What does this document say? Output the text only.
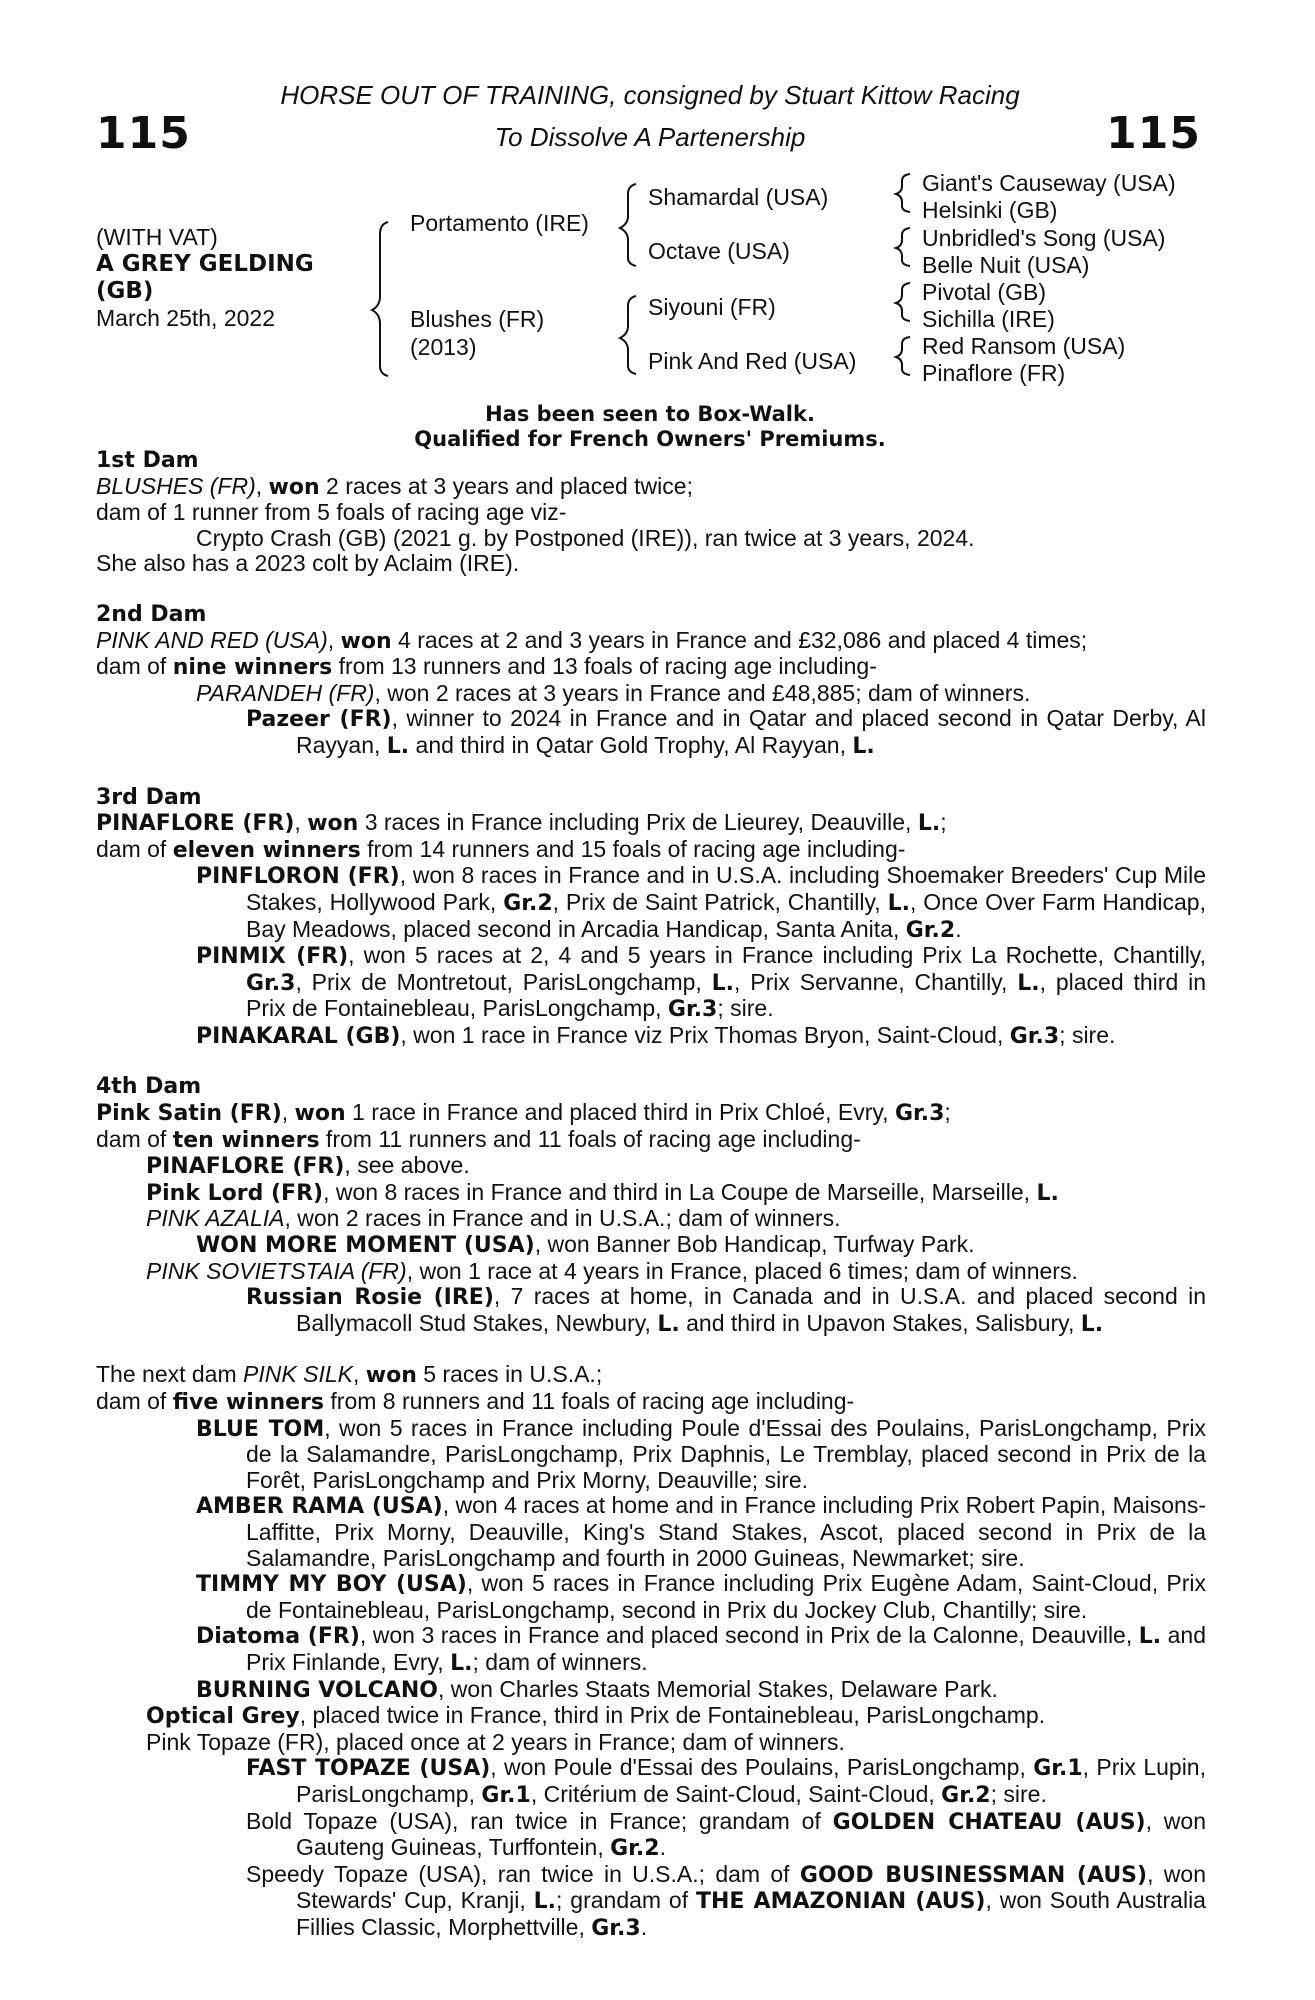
115	115
HORSE OUT OF TRAINING, consigned by Stuart Kittow Racing
To Dissolve A Partenership
(WITH VAT)
A GREY GELDING
(GB)
March 25th, 2022
Portamento (IRE)
Blushes (FR)
(2013)
Shamardal (USA)
Octave (USA)
Siyouni (FR)
Pink And Red (USA)
Giant's Causeway (USA)
Helsinki (GB)
Unbridled's Song (USA)
Belle Nuit (USA)
Pivotal (GB)
Sichilla (IRE)
Red Ransom (USA)
Pinaflore (FR)
Has been seen to Box-Walk.
Qualified for French Owners' Premiums.

1st Dam

BLUSHES (FR), won 2 races at 3 years and placed twice;

dam of 1 runner from 5 foals of racing age viz-

Crypto Crash (GB) (2021 g. by Postponed (IRE)), ran twice at 3 years, 2024.

She also has a 2023 colt by Aclaim (IRE).

2nd Dam

PINK AND RED (USA), won 4 races at 2 and 3 years in France and £32,086 and placed 4 times;

dam of nine winners from 13 runners and 13 foals of racing age including-

PARANDEH (FR), won 2 races at 3 years in France and £48,885; dam of winners.

Pazeer (FR), winner to 2024 in France and in Qatar and placed second in Qatar Derby, Al Rayyan, L. and third in Qatar Gold Trophy, Al Rayyan, L.

3rd Dam

PINAFLORE (FR), won 3 races in France including Prix de Lieurey, Deauville, L.;

dam of eleven winners from 14 runners and 15 foals of racing age including-

PINFLORON (FR), won 8 races in France and in U.S.A. including Shoemaker Breeders' Cup Mile Stakes, Hollywood Park, Gr.2, Prix de Saint Patrick, Chantilly, L., Once Over Farm Handicap, Bay Meadows, placed second in Arcadia Handicap, Santa Anita, Gr.2.

PINMIX (FR), won 5 races at 2, 4 and 5 years in France including Prix La Rochette, Chantilly, Gr.3, Prix de Montretout, ParisLongchamp, L., Prix Servanne, Chantilly, L., placed third in Prix de Fontainebleau, ParisLongchamp, Gr.3; sire.

PINAKARAL (GB), won 1 race in France viz Prix Thomas Bryon, Saint-Cloud, Gr.3; sire.

4th Dam

Pink Satin (FR), won 1 race in France and placed third in Prix Chloé, Evry, Gr.3;

dam of ten winners from 11 runners and 11 foals of racing age including-

PINAFLORE (FR), see above.

Pink Lord (FR), won 8 races in France and third in La Coupe de Marseille, Marseille, L.

PINK AZALIA, won 2 races in France and in U.S.A.; dam of winners.

WON MORE MOMENT (USA), won Banner Bob Handicap, Turfway Park.

PINK SOVIETSTAIA (FR), won 1 race at 4 years in France, placed 6 times; dam of winners.

Russian Rosie (IRE), 7 races at home, in Canada and in U.S.A. and placed second in Ballymacoll Stud Stakes, Newbury, L. and third in Upavon Stakes, Salisbury, L.

The next dam PINK SILK, won 5 races in U.S.A.;

dam of five winners from 8 runners and 11 foals of racing age including-

BLUE TOM, won 5 races in France including Poule d'Essai des Poulains, ParisLongchamp, Prix de la Salamandre, ParisLongchamp, Prix Daphnis, Le Tremblay, placed second in Prix de la Forêt, ParisLongchamp and Prix Morny, Deauville; sire.

AMBER RAMA (USA), won 4 races at home and in France including Prix Robert Papin, Maisons-Laffitte, Prix Morny, Deauville, King's Stand Stakes, Ascot, placed second in Prix de la Salamandre, ParisLongchamp and fourth in 2000 Guineas, Newmarket; sire.

TIMMY MY BOY (USA), won 5 races in France including Prix Eugène Adam, Saint-Cloud, Prix de Fontainebleau, ParisLongchamp, second in Prix du Jockey Club, Chantilly; sire.

Diatoma (FR), won 3 races in France and placed second in Prix de la Calonne, Deauville, L. and Prix Finlande, Evry, L.; dam of winners.

BURNING VOLCANO, won Charles Staats Memorial Stakes, Delaware Park.

Optical Grey, placed twice in France, third in Prix de Fontainebleau, ParisLongchamp.

Pink Topaze (FR), placed once at 2 years in France; dam of winners.

FAST TOPAZE (USA), won Poule d'Essai des Poulains, ParisLongchamp, Gr.1, Prix Lupin, ParisLongchamp, Gr.1, Critérium de Saint-Cloud, Saint-Cloud, Gr.2; sire.

Bold Topaze (USA), ran twice in France; grandam of GOLDEN CHATEAU (AUS), won Gauteng Guineas, Turffontein, Gr.2.

Speedy Topaze (USA), ran twice in U.S.A.; dam of GOOD BUSINESSMAN (AUS), won Stewards' Cup, Kranji, L.; grandam of THE AMAZONIAN (AUS), won South Australia Fillies Classic, Morphettville, Gr.3.
